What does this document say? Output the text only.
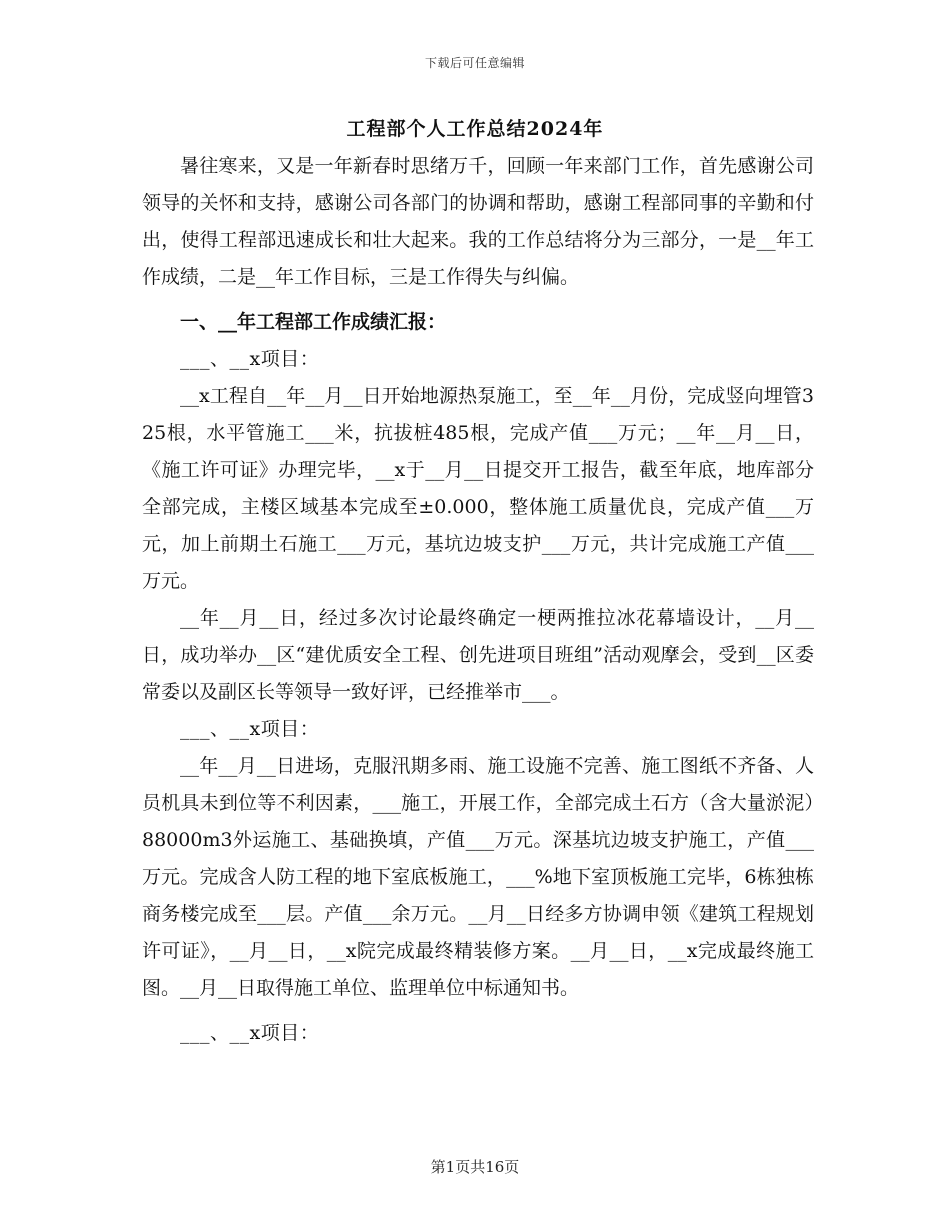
下载后可任意编辑
工程部个人工作总结2024年

暑往寒来，又是一年新春时思绪万千，回顾一年来部门工作，首先感谢公司领导的关怀和支持，感谢公司各部门的协调和帮助，感谢工程部同事的辛勤和付出，使得工程部迅速成长和壮大起来。我的工作总结将分为三部分，一是__年工作成绩，二是__年工作目标，三是工作得失与纠偏。

一、__年工程部工作成绩汇报：

___、__x项目：

__x工程自__年__月__日开始地源热泵施工，至__年__月份，完成竖向埋管325根，水平管施工___米，抗拔桩485根，完成产值___万元；__年__月__日，《施工许可证》办理完毕，__x于__月__日提交开工报告，截至年底，地库部分全部完成，主楼区域基本完成至±0.000，整体施工质量优良，完成产值___万元，加上前期土石施工___万元，基坑边坡支护___万元，共计完成施工产值___万元。

__年__月__日，经过多次讨论最终确定一梗两推拉冰花幕墙设计，__月__日，成功举办__区“建优质安全工程、创先进项目班组”活动观摩会，受到__区委常委以及副区长等领导一致好评，已经推举市___。

___、__x项目：

__年__月__日进场，克服汛期多雨、施工设施不完善、施工图纸不齐备、人员机具未到位等不利因素，___施工，开展工作，全部完成土石方（含大量淤泥）88000m3外运施工、基础换填，产值___万元。深基坑边坡支护施工，产值___万元。完成含人防工程的地下室底板施工，___%地下室顶板施工完毕，6栋独栋商务楼完成至___层。产值___余万元。__月__日经多方协调申领《建筑工程规划许可证》，__月__日，__x院完成最终精装修方案。__月__日，__x完成最终施工图。__月__日取得施工单位、监理单位中标通知书。

___、__x项目：

第1页共16页
